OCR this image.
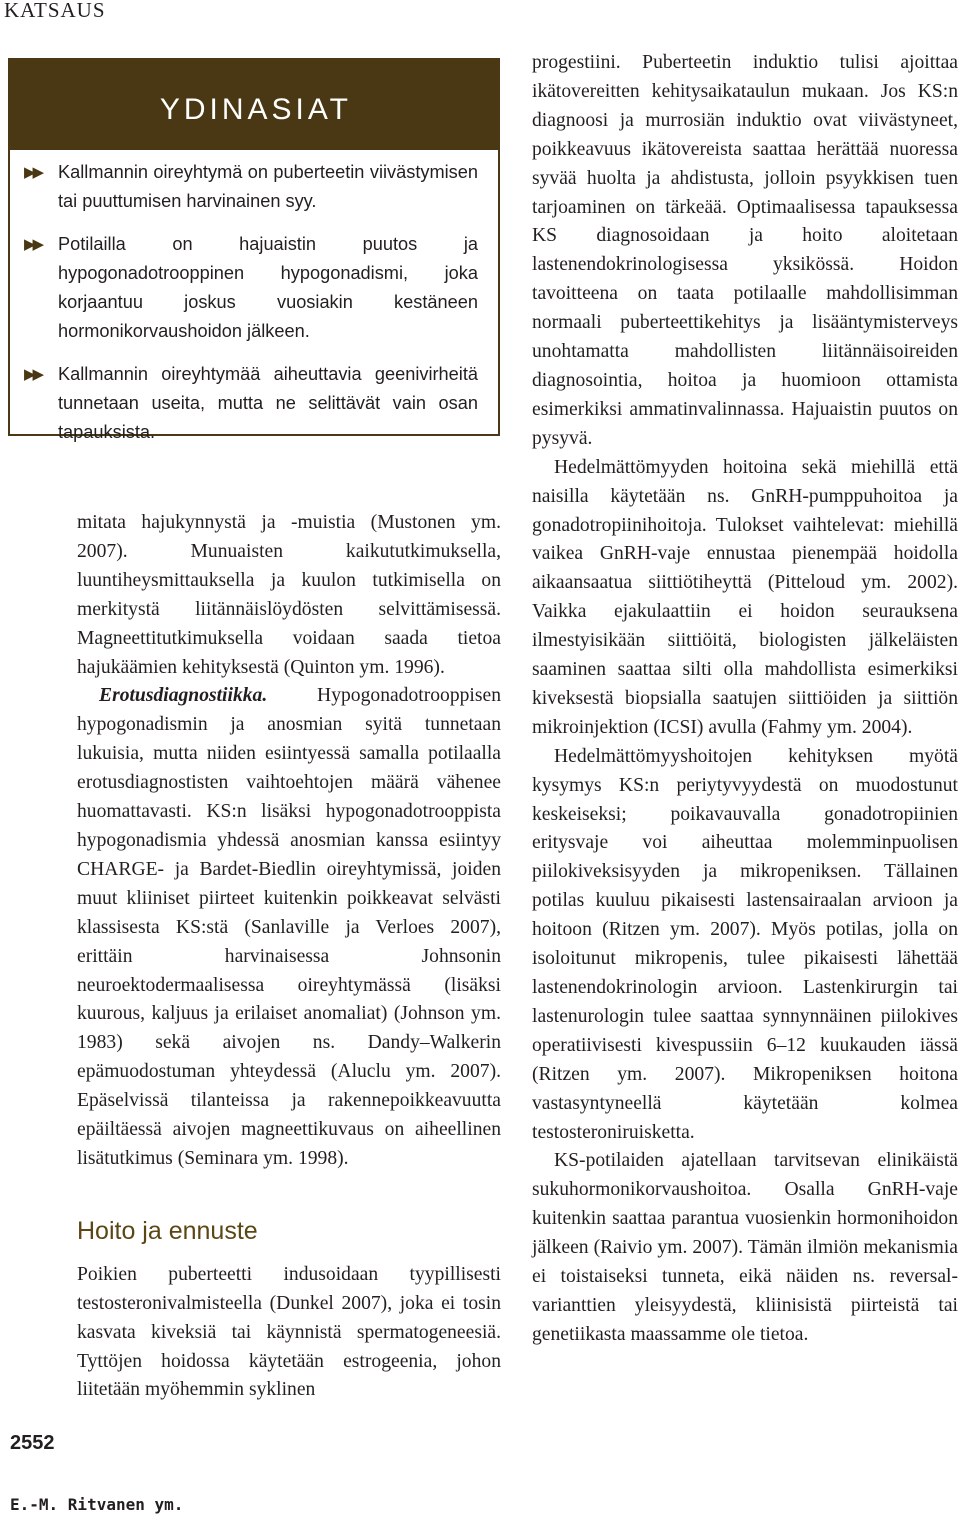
KATSAUS
YDINASIAT
▶▶ Kallmannin oireyhtymä on puberteetin viivästymisen tai puuttumisen harvinainen syy.
▶▶ Potilailla on hajuaistin puutos ja hypogonadotrooppinen hypogonadismi, joka korjaantuu joskus vuosiakin kestäneen hormonikorvaushoidon jälkeen.
▶▶ Kallmannin oireyhtymää aiheuttavia geenivirheitä tunnetaan useita, mutta ne selittävät vain osan tapauksista.

mitata hajukynnystä ja -muistia (Mustonen ym. 2007). Munuaisten kaikututkimuksella, luuntiheysmittauksella ja kuulon tutkimisella on merkitystä liitännäislöydösten selvittämisessä. Magneettitutkimuksella voidaan saada tietoa hajukäämien kehityksestä (Quinton ym. 1996).

Erotusdiagnostiikka. Hypogonadotrooppisen hypogonadismin ja anosmian syitä tunnetaan lukuisia, mutta niiden esiintyessä samalla potilaalla erotusdiagnostisten vaihtoehtojen määrä vähenee huomattavasti. KS:n lisäksi hypogonadotrooppista hypogonadismia yhdessä anosmian kanssa esiintyy CHARGE- ja Bardet-Biedlin oireyhtymissä, joiden muut kliiniset piirteet kuitenkin poikkeavat selvästi klassisesta KS:stä (Sanlaville ja Verloes 2007), erittäin harvinaisessa Johnsonin neuroektodermaalisessa oireyhtymässä (lisäksi kuurous, kaljuus ja erilaiset anomaliat) (Johnson ym. 1983) sekä aivojen ns. Dandy–Walkerin epämuodostuman yhteydessä (Aluclu ym. 2007). Epäselvissä tilanteissa ja rakennepoikkeavuutta epäiltäessä aivojen magneettikuvaus on aiheellinen lisätutkimus (Seminara ym. 1998).

Hoito ja ennuste

Poikien puberteetti indusoidaan tyypillisesti testosteronivalmisteella (Dunkel 2007), joka ei tosin kasvata kiveksiä tai käynnistä spermatogeneesiä. Tyttöjen hoidossa käytetään estrogeenia, johon liitetään myöhemmin syklinen

progestiini. Puberteetin induktio tulisi ajoittaa ikätovereitten kehitysaikataulun mukaan. Jos KS:n diagnoosi ja murrosiän induktio ovat viivästyneet, poikkeavuus ikätovereista saattaa herättää nuoressa syvää huolta ja ahdistusta, jolloin psyykkisen tuen tarjoaminen on tärkeää. Optimaalisessa tapauksessa KS diagnosoidaan ja hoito aloitetaan lastenendokrinologisessa yksikössä. Hoidon tavoitteena on taata potilaalle mahdollisimman normaali puberteettikehitys ja lisääntymisterveys unohtamatta mahdollisten liitännäisoireiden diagnosointia, hoitoa ja huomioon ottamista esimerkiksi ammatinvalinnassa. Hajuaistin puutos on pysyvä.

Hedelmättömyyden hoitoina sekä miehillä että naisilla käytetään ns. GnRH-pumppuhoitoa ja gonadotropiinihoitoja. Tulokset vaihtelevat: miehillä vaikea GnRH-vaje ennustaa pienempää hoidolla aikaansaatua siittiötiheyttä (Pitteloud ym. 2002). Vaikka ejakulaattiin ei hoidon seurauksena ilmestyisikään siittiöitä, biologisten jälkeläisten saaminen saattaa silti olla mahdollista esimerkiksi kiveksestä biopsialla saatujen siittiöiden ja siittiön mikroinjektion (ICSI) avulla (Fahmy ym. 2004).

Hedelmättömyyshoitojen kehityksen myötä kysymys KS:n periytyvyydestä on muodostunut keskeiseksi; poikavauvalla gonadotropiinien eritysvaje voi aiheuttaa molemminpuolisen piilokiveksisyyden ja mikropeniksen. Tällainen potilas kuuluu pikaisesti lastensairaalan arvioon ja hoitoon (Ritzen ym. 2007). Myös potilas, jolla on isoloitunut mikropenis, tulee pikaisesti lähettää lastenendokrinologin arvioon. Lastenkirurgin tai lastenurologin tulee saattaa synnynnäinen piilokives operatiivisesti kivespussiin 6–12 kuukauden iässä (Ritzen ym. 2007). Mikropeniksen hoitona vastasyntyneellä käytetään kolmea testosteroniruisketta.

KS-potilaiden ajatellaan tarvitsevan elinikäistä sukuhormonikorvaushoitoa. Osalla GnRH-vaje kuitenkin saattaa parantua vuosienkin hormonihoidon jälkeen (Raivio ym. 2007). Tämän ilmiön mekanismia ei toistaiseksi tunneta, eikä näiden ns. reversal-varianttien yleisyydestä, kliinisistä piirteistä tai genetiikasta maassamme ole tietoa.

2552
E.-M. Ritvanen ym.
